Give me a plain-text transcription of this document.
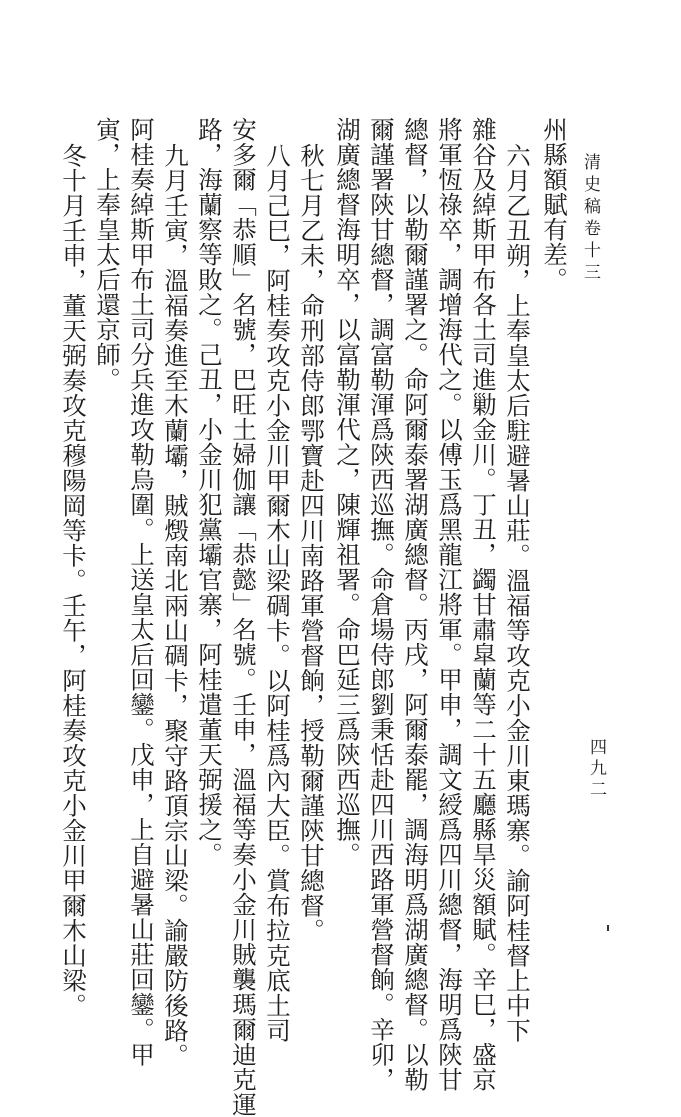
清史稿卷十三
四九二
州縣額賦有差。
六月乙丑朔，上奉皇太后駐避暑山莊。溫福等攻克小金川東瑪寨。諭阿桂督上中下
雜谷及綽斯甲布各土司進勦金川。丁丑，蠲甘肅皐蘭等二十五廳縣旱災額賦。辛巳，盛京
將軍恆祿卒，調增海代之。以傅玉爲黑龍江將軍。甲申，調文綬爲四川總督，海明爲陝甘
總督，以勒爾謹署之。命阿爾泰署湖廣總督。丙戌，阿爾泰罷，調海明爲湖廣總督。以勒
爾謹署陝甘總督，調富勒渾爲陝西巡撫。命倉場侍郎劉秉恬赴四川西路軍營督餉。辛卯，
湖廣總督海明卒，以富勒渾代之，陳輝祖署。命巴延三爲陝西巡撫。
秋七月乙未，命刑部侍郎鄂寶赴四川南路軍營督餉，授勒爾謹陝甘總督。
八月己巳，阿桂奏攻克小金川甲爾木山梁碉卡。以阿桂爲內大臣。賞布拉克底土司
安多爾「恭順」名號，巴旺土婦伽讓「恭懿」名號。壬申，溫福等奏小金川賊襲瑪爾迪克運
路，海蘭察等敗之。己丑，小金川犯黨壩官寨，阿桂遣董天弼援之。
九月壬寅，溫福奏進至木蘭壩，賊燬南北兩山碉卡，聚守路頂宗山梁。諭嚴防後路。
阿桂奏綽斯甲布土司分兵進攻勒烏圍。上送皇太后回鑾。戊申，上自避暑山莊回鑾。甲
寅，上奉皇太后還京師。
冬十月壬申，董天弼奏攻克穆陽岡等卡。壬午，阿桂奏攻克小金川甲爾木山梁。
